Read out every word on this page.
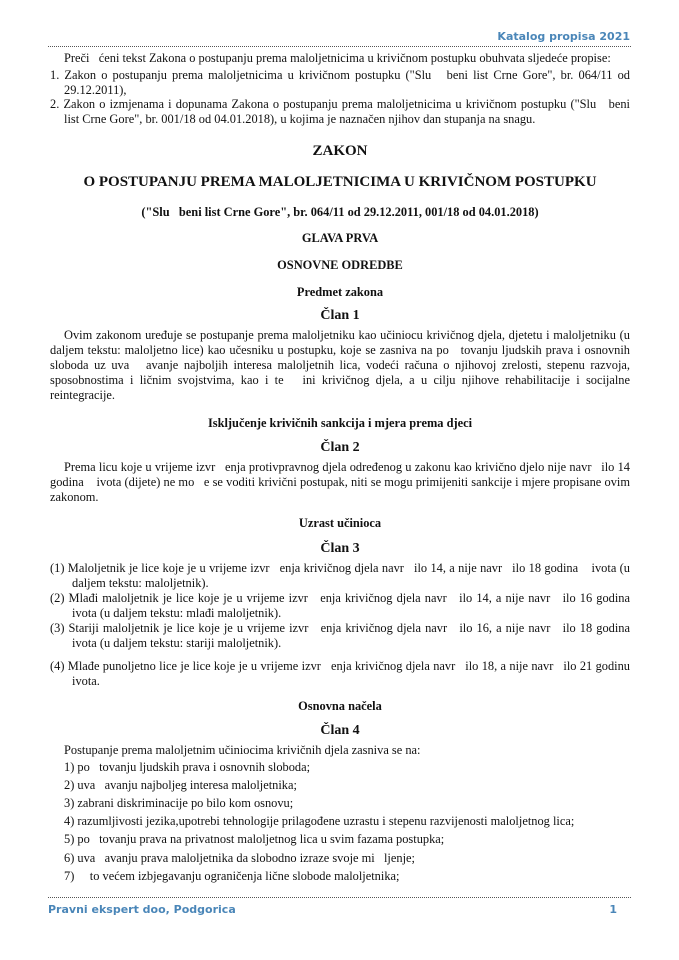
Katalog propisa 2021
Preči   ćeni tekst Zakona o postupanju prema maloljetnicima u krivičnom postupku obuhvata sljedeće propise:
1. Zakon o postupanju prema maloljetnicima u krivičnom postupku ("Slu   beni list Crne Gore", br. 064/11 od 29.12.2011),
2. Zakon o izmjenama i dopunama Zakona o postupanju prema maloljetnicima u krivičnom postupku ("Slu   beni list Crne Gore", br. 001/18 od 04.01.2018), u kojima je naznačen njihov dan stupanja na snagu.
ZAKON
O POSTUPANJU PREMA MALOLJETNICIMA U KRIVIČNOM POSTUPKU
("Slu   beni list Crne Gore", br. 064/11 od 29.12.2011, 001/18 od 04.01.2018)
GLAVA PRVA
OSNOVNE ODREDBE
Predmet zakona
Član 1
Ovim zakonom uređuje se postupanje prema maloljetniku kao učiniocu krivičnog djela, djetetu i maloljetniku (u daljem tekstu: maloljetno lice) kao učesniku u postupku, koje se zasniva na po   tovanju ljudskih prava i osnovnih sloboda uz uva   avanje najboljih interesa maloljetnih lica, vodeći računa o njihovoj zrelosti, stepenu razvoja, sposobnostima i ličnim svojstvima, kao i te   ini krivičnog djela, a u cilju njihove rehabilitacije i socijalne reintegracije.
Isključenje krivičnih sankcija i mjera prema djeci
Član 2
Prema licu koje u vrijeme izvr   enja protivpravnog djela određenog u zakonu kao krivično djelo nije navr   ilo 14 godina    ivota (dijete) ne mo   e se voditi krivični postupak, niti se mogu primijeniti sankcije i mjere propisane ovim zakonom.
Uzrast učinioca
Član 3
(1) Maloljetnik je lice koje je u vrijeme izvr   enja krivičnog djela navr   ilo 14, a nije navr   ilo 18 godina    ivota (u daljem tekstu: maloljetnik).
(2) Mlađi maloljetnik je lice koje je u vrijeme izvr   enja krivičnog djela navr   ilo 14, a nije navr   ilo 16 godina    ivota (u daljem tekstu: mlađi maloljetnik).
(3) Stariji maloljetnik je lice koje je u vrijeme izvr   enja krivičnog djela navr   ilo 16, a nije navr   ilo 18 godina    ivota (u daljem tekstu: stariji maloljetnik).
(4) Mlađe punoljetno lice je lice koje je u vrijeme izvr   enja krivičnog djela navr   ilo 18, a nije navr   ilo 21 godinu    ivota.
Osnovna načela
Član 4
Postupanje prema maloljetnim učiniocima krivičnih djela zasniva se na:
1) po   tovanju ljudskih prava i osnovnih sloboda;
2) uva   avanju najboljeg interesa maloljetnika;
3) zabrani diskriminacije po bilo kom osnovu;
4) razumljivosti jezika,upotrebi tehnologije prilagođene uzrastu i stepenu razvijenosti maloljetnog lica;
5) po   tovanju prava na privatnost maloljetnog lica u svim fazama postupka;
6) uva   avanju prava maloljetnika da slobodno izraze svoje mi   ljenje;
7)     to većem izbjegavanju ograničenja lične slobode maloljetnika;
Pravni ekspert doo, Podgorica	1
